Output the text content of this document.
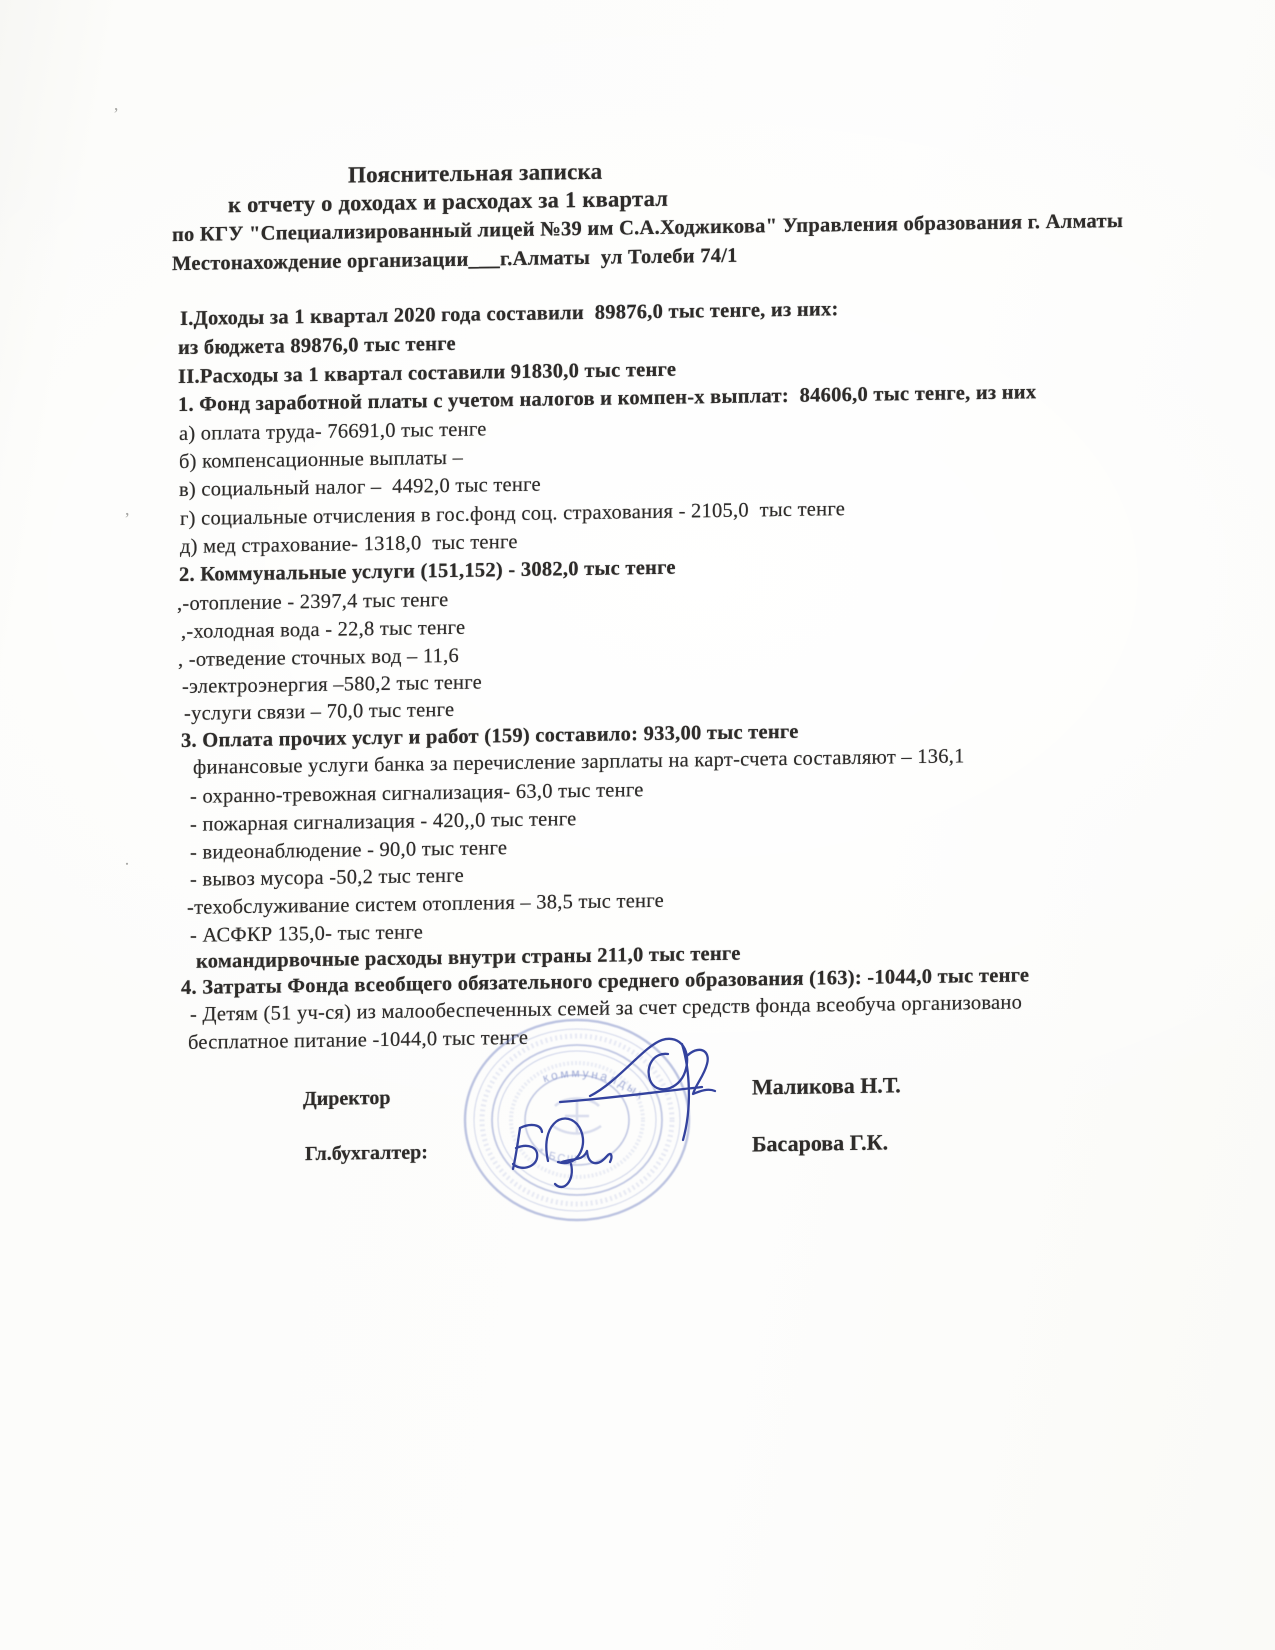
Пояснительная записка
к отчету о доходах и расходах за 1 квартал
по КГУ "Специализированный лицей №39 им С.А.Ходжикова" Управления образования г. Алматы
Местонахождение организации___г.Алматы  ул Толеби 74/1
I.Доходы за 1 квартал 2020 года составили  89876,0 тыс тенге, из них:
из бюджета 89876,0 тыс тенге
II.Расходы за 1 квартал составили 91830,0 тыс тенге
1. Фонд заработной платы с учетом налогов и компен-х выплат:  84606,0 тыс тенге, из них
а) оплата труда- 76691,0 тыс тенге
б) компенсационные выплаты –
в) социальный налог –  4492,0 тыс тенге
г) социальные отчисления в гос.фонд соц. страхования - 2105,0  тыс тенге
д) мед страхование- 1318,0  тыс тенге
2. Коммунальные услуги (151,152) - 3082,0 тыс тенге
,-отопление - 2397,4 тыс тенге
,-холодная вода - 22,8 тыс тенге
, -отведение сточных вод – 11,6
-электроэнергия –580,2 тыс тенге
-услуги связи – 70,0 тыс тенге
3. Оплата прочих услуг и работ (159) составило: 933,00 тыс тенге
финансовые услуги банка за перечисление зарплаты на карт-счета составляют – 136,1
- охранно-тревожная сигнализация- 63,0 тыс тенге
- пожарная сигнализация - 420,,0 тыс тенге
- видеонаблюдение - 90,0 тыс тенге
- вывоз мусора -50,2 тыс тенге
-техобслуживание систем отопления – 38,5 тыс тенге
- АСФКР 135,0- тыс тенге
командирвочные расходы внутри страны 211,0 тыс тенге
4. Затраты Фонда всеобщего обязательного среднего образования (163): -1044,0 тыс тенге
- Детям (51 уч-ся) из малообеспеченных семей за счет средств фонда всеобуча организовано
бесплатное питание -1044,0 тыс тенге
Директор	Маликова Н.Т.
Гл.бухгалтер:	Басарова Г.К.
’
,
·
коммуналдык
* БСШ *
